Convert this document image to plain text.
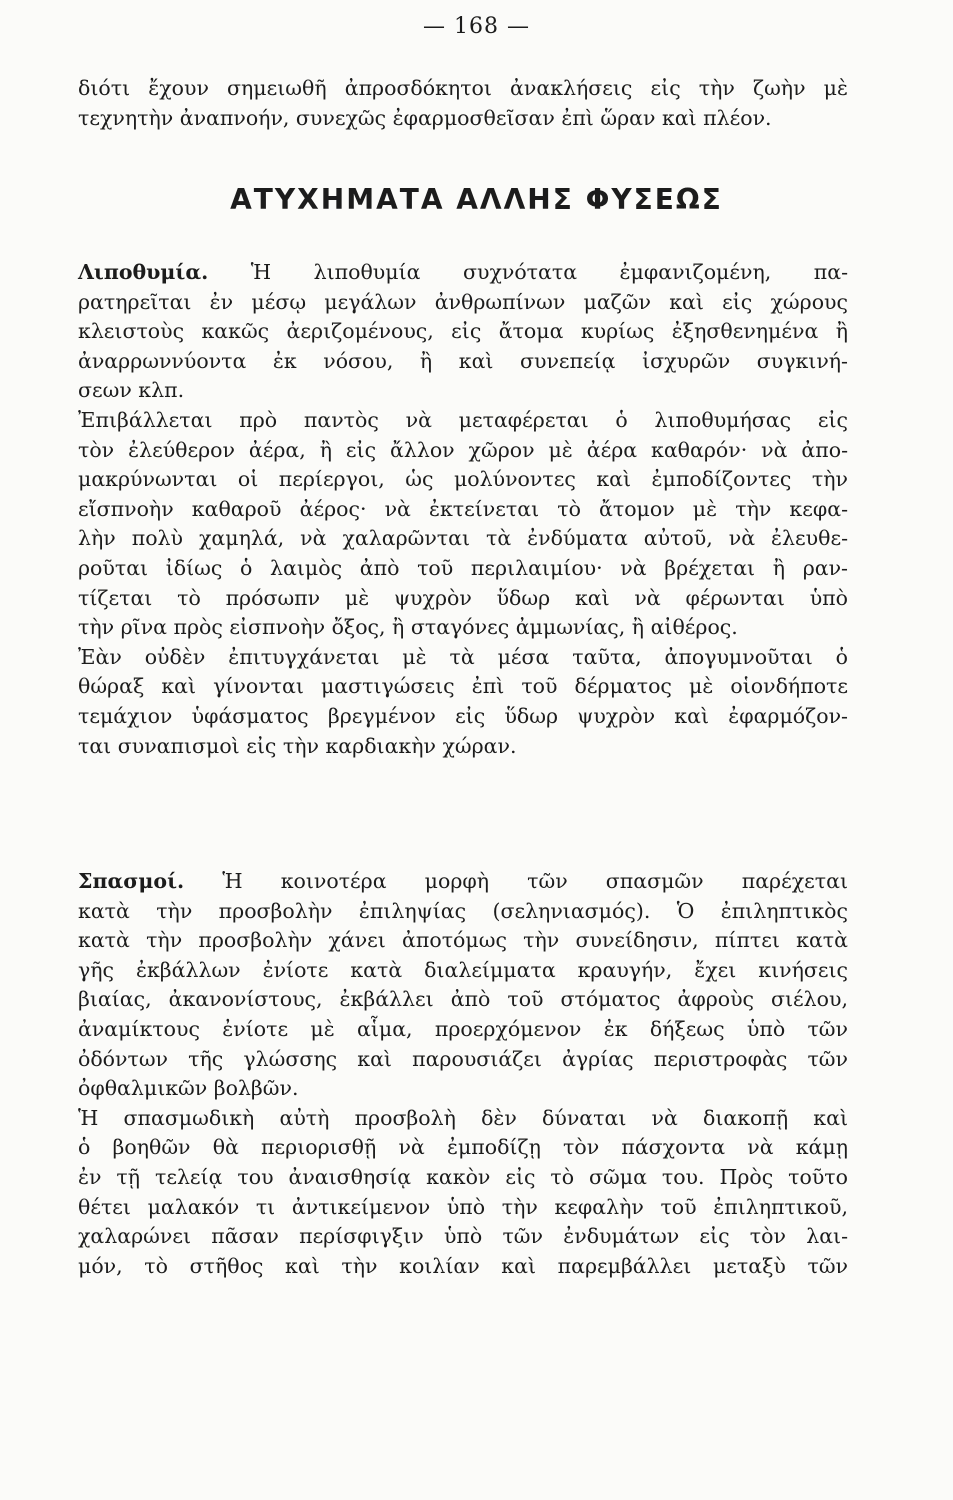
— 168 —
διότι ἔχουν σημειωθῆ ἀπροσδόκητοι ἀνακλήσεις εἰς τὴν ζωὴν μὲ
τεχνητὴν ἀναπνοήν, συνεχῶς ἐφαρμοσθεῖσαν ἐπὶ ὥραν καὶ πλέον.
ΑΤΥΧΗΜΑΤΑ ΑΛΛΗΣ ΦΥΣΕΩΣ
Λιποθυμία. Ἡ λιποθυμία συχνότατα ἐμφανιζομένη, πα-
ρατηρεῖται ἐν μέσῳ μεγάλων ἀνθρωπίνων μαζῶν καὶ εἰς χώρους
κλειστοὺς κακῶς ἀεριζομένους, εἰς ἄτομα κυρίως ἐξησθενημένα ἢ
ἀναρρωννύοντα ἐκ νόσου, ἢ καὶ συνεπείᾳ ἰσχυρῶν συγκινή-
σεων κλπ.
Ἐπιβάλλεται πρὸ παντὸς νὰ μεταφέρεται ὁ λιποθυμήσας εἰς
τὸν ἐλεύθερον ἀέρα, ἢ εἰς ἄλλον χῶρον μὲ ἀέρα καθαρόν· νὰ ἀπο-
μακρύνωνται οἱ περίεργοι, ὡς μολύνοντες καὶ ἐμποδίζοντες τὴν
εἴσπνοὴν καθαροῦ ἀέρος· νὰ ἐκτείνεται τὸ ἄτομον μὲ τὴν κεφα-
λὴν πολὺ χαμηλά, νὰ χαλαρῶνται τὰ ἐνδύματα αὐτοῦ, νὰ ἐλευθε-
ροῦται ἰδίως ὁ λαιμὸς ἀπὸ τοῦ περιλαιμίου· νὰ βρέχεται ἢ ραν-
τίζεται τὸ πρόσωπν μὲ ψυχρὸν ὕδωρ καὶ νὰ φέρωνται ὑπὸ
τὴν ρῖνα πρὸς εἰσπνοὴν ὄξος, ἢ σταγόνες ἀμμωνίας, ἢ αἰθέρος.
Ἐὰν οὐδὲν ἐπιτυγχάνεται μὲ τὰ μέσα ταῦτα, ἀπογυμνοῦται ὁ
θώραξ καὶ γίνονται μαστιγώσεις ἐπὶ τοῦ δέρματος μὲ οἱονδήποτε
τεμάχιον ὑφάσματος βρεγμένον εἰς ὕδωρ ψυχρὸν καὶ ἐφαρμόζον-
ται συναπισμοὶ εἰς τὴν καρδιακὴν χώραν.
Σπασμοί. Ἡ κοινοτέρα μορφὴ τῶν σπασμῶν παρέχεται
κατὰ τὴν προσβολὴν ἐπιληψίας (σεληνιασμός). Ὁ ἐπιληπτικὸς
κατὰ τὴν προσβολὴν χάνει ἀποτόμως τὴν συνείδησιν, πίπτει κατὰ
γῆς ἐκβάλλων ἐνίοτε κατὰ διαλείμματα κραυγήν, ἔχει κινήσεις
βιαίας, ἀκανονίστους, ἐκβάλλει ἀπὸ τοῦ στόματος ἀφροὺς σιέλου,
ἀναμίκτους ἐνίοτε μὲ αἷμα, προερχόμενον ἐκ δήξεως ὑπὸ τῶν
ὀδόντων τῆς γλώσσης καὶ παρουσιάζει ἀγρίας περιστροφὰς τῶν
ὀφθαλμικῶν βολβῶν.
Ἡ σπασμωδικὴ αὐτὴ προσβολὴ δὲν δύναται νὰ διακοπῇ καὶ
ὁ βοηθῶν θὰ περιορισθῇ νὰ ἐμποδίζῃ τὸν πάσχοντα νὰ κάμῃ
ἐν τῇ τελείᾳ του ἀναισθησίᾳ κακὸν εἰς τὸ σῶμα του. Πρὸς τοῦτο
θέτει μαλακόν τι ἀντικείμενον ὑπὸ τὴν κεφαλὴν τοῦ ἐπιληπτικοῦ,
χαλαρώνει πᾶσαν περίσφιγξιν ὑπὸ τῶν ἐνδυμάτων εἰς τὸν λαι-
μόν, τὸ στῆθος καὶ τὴν κοιλίαν καὶ παρεμβάλλει μεταξὺ τῶν
